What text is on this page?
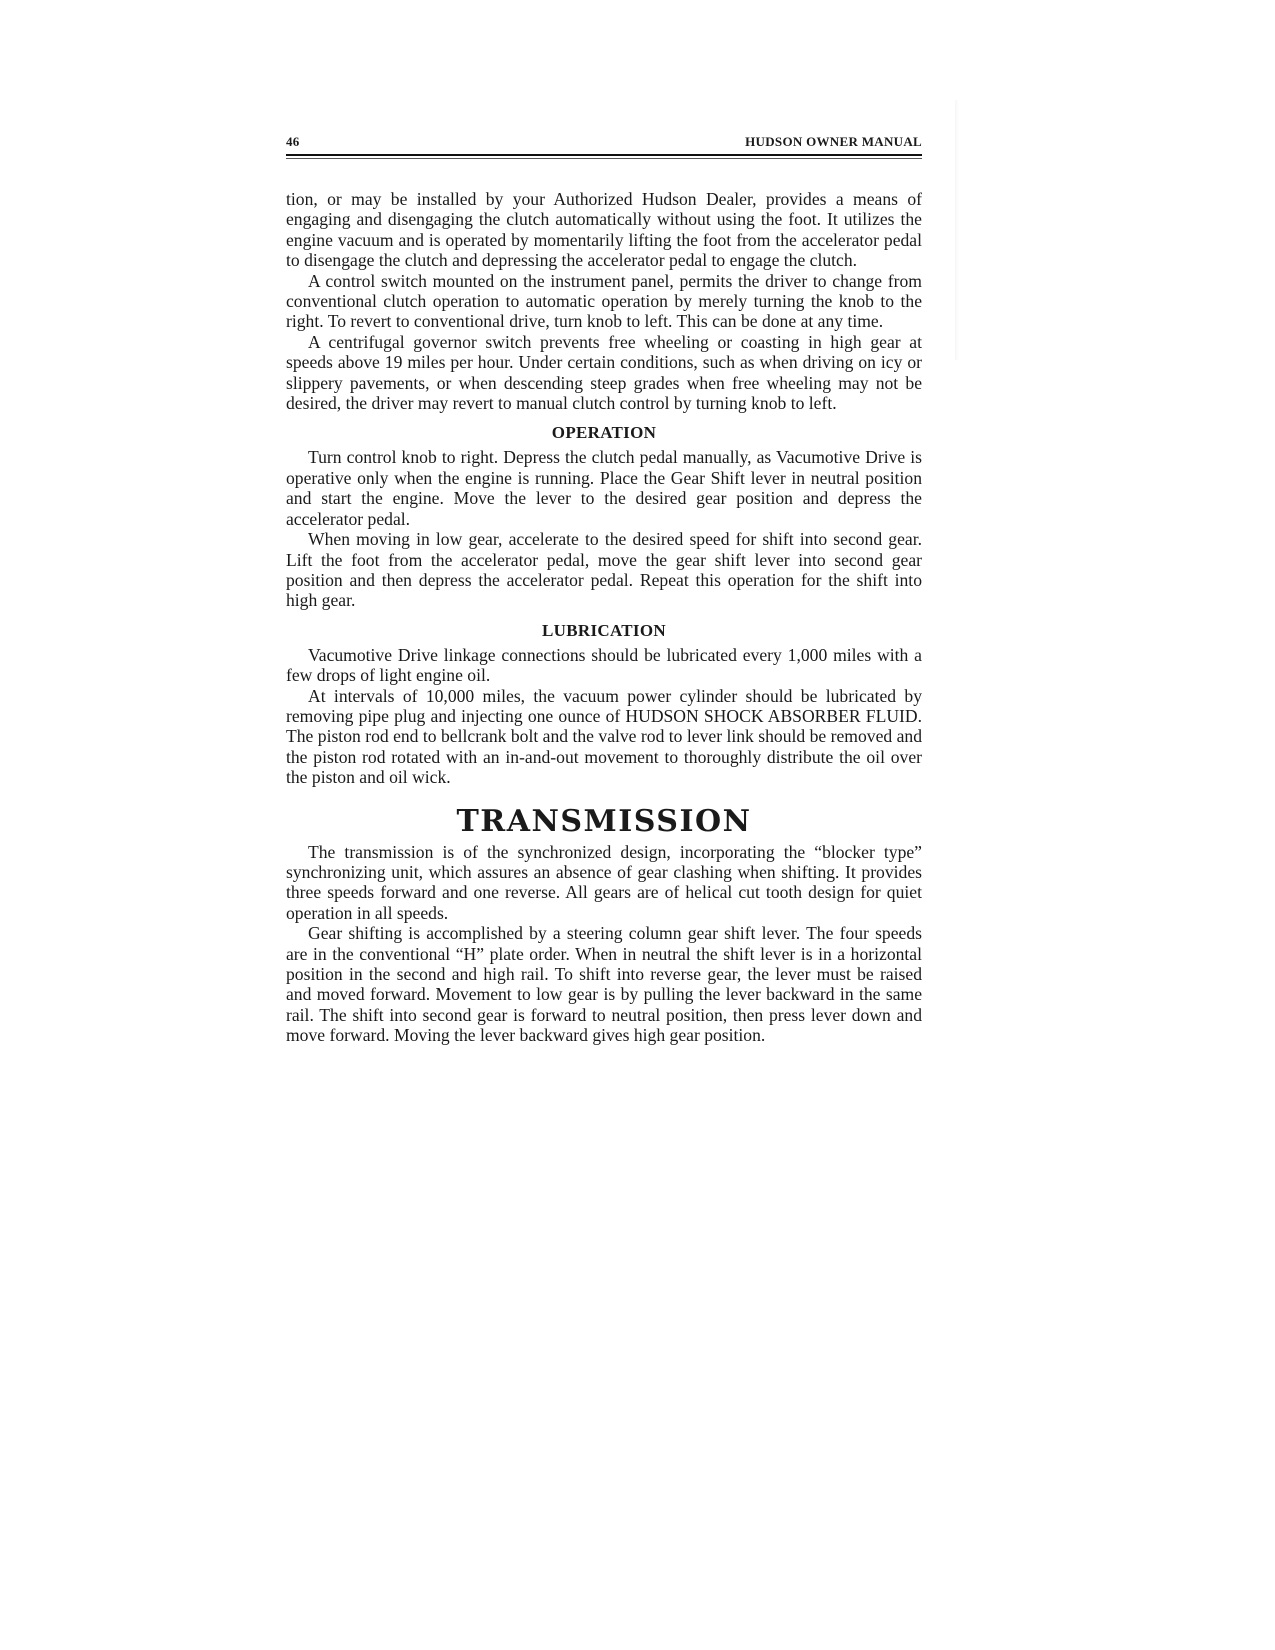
46	HUDSON OWNER MANUAL

tion, or may be installed by your Authorized Hudson Dealer, provides a means of engaging and disengaging the clutch automatically without using the foot. It utilizes the engine vacuum and is operated by momentarily lifting the foot from the accelerator pedal to disengage the clutch and depressing the accelerator pedal to engage the clutch.

A control switch mounted on the instrument panel, permits the driver to change from conventional clutch operation to automatic operation by merely turning the knob to the right. To revert to conventional drive, turn knob to left. This can be done at any time.

A centrifugal governor switch prevents free wheeling or coasting in high gear at speeds above 19 miles per hour. Under certain conditions, such as when driving on icy or slippery pavements, or when descending steep grades when free wheeling may not be desired, the driver may revert to manual clutch control by turning knob to left.

OPERATION

Turn control knob to right. Depress the clutch pedal manually, as Vacumotive Drive is operative only when the engine is running. Place the Gear Shift lever in neutral position and start the engine. Move the lever to the desired gear position and depress the accelerator pedal.

When moving in low gear, accelerate to the desired speed for shift into second gear. Lift the foot from the accelerator pedal, move the gear shift lever into second gear position and then depress the accelerator pedal. Repeat this operation for the shift into high gear.

LUBRICATION

Vacumotive Drive linkage connections should be lubricated every 1,000 miles with a few drops of light engine oil.

At intervals of 10,000 miles, the vacuum power cylinder should be lubricated by removing pipe plug and injecting one ounce of HUDSON SHOCK ABSORBER FLUID. The piston rod end to bellcrank bolt and the valve rod to lever link should be removed and the piston rod rotated with an in-and-out movement to thoroughly distribute the oil over the piston and oil wick.

TRANSMISSION

The transmission is of the synchronized design, incorporating the “blocker type” synchronizing unit, which assures an absence of gear clashing when shifting. It provides three speeds forward and one reverse. All gears are of helical cut tooth design for quiet operation in all speeds.

Gear shifting is accomplished by a steering column gear shift lever. The four speeds are in the conventional “H” plate order. When in neutral the shift lever is in a horizontal position in the second and high rail. To shift into reverse gear, the lever must be raised and moved forward. Movement to low gear is by pulling the lever backward in the same rail. The shift into second gear is forward to neutral position, then press lever down and move forward. Moving the lever backward gives high gear position.
